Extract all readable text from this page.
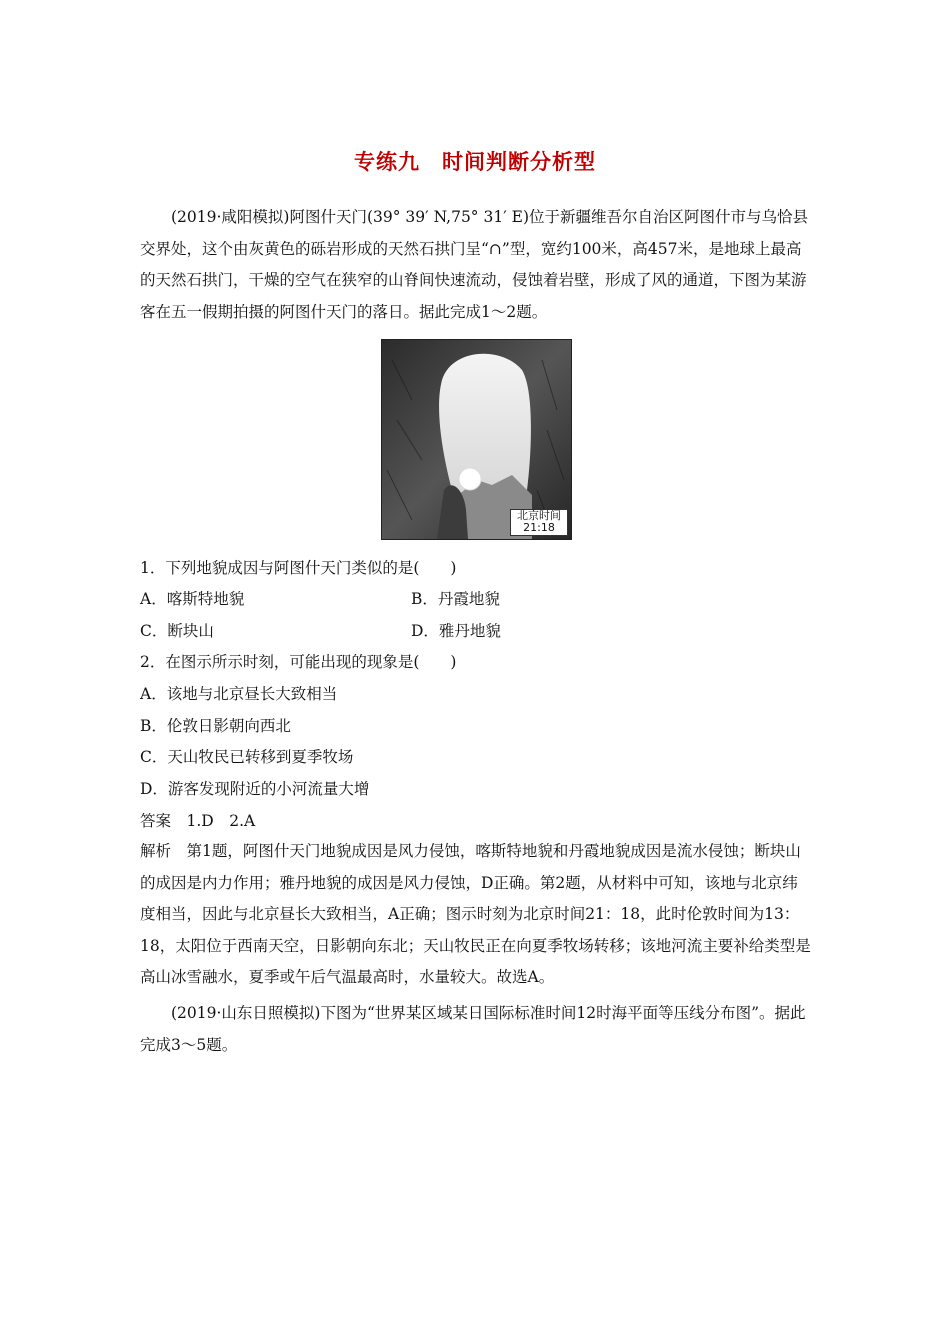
专练九　时间判断分析型
(2019·咸阳模拟)阿图什天门(39° 39′ N,75° 31′ E)位于新疆维吾尔自治区阿图什市与乌恰县交界处，这个由灰黄色的砾岩形成的天然石拱门呈“∩”型，宽约100米，高457米，是地球上最高的天然石拱门，干燥的空气在狭窄的山脊间快速流动，侵蚀着岩壁，形成了风的通道，下图为某游客在五一假期拍摄的阿图什天门的落日。据此完成1～2题。
北京时间
21:18
1．下列地貌成因与阿图什天门类似的是(　　)
A．喀斯特地貌	B．丹霞地貌
C．断块山	D．雅丹地貌
2．在图示所示时刻，可能出现的现象是(　　)
A．该地与北京昼长大致相当
B．伦敦日影朝向西北
C．天山牧民已转移到夏季牧场
D．游客发现附近的小河流量大增
答案　1.D　2.A
解析　第1题，阿图什天门地貌成因是风力侵蚀，喀斯特地貌和丹霞地貌成因是流水侵蚀；断块山的成因是内力作用；雅丹地貌的成因是风力侵蚀，D正确。第2题，从材料中可知，该地与北京纬度相当，因此与北京昼长大致相当，A正确；图示时刻为北京时间21：18，此时伦敦时间为13：18，太阳位于西南天空，日影朝向东北；天山牧民正在向夏季牧场转移；该地河流主要补给类型是高山冰雪融水，夏季或午后气温最高时，水量较大。故选A。
(2019·山东日照模拟)下图为“世界某区域某日国际标准时间12时海平面等压线分布图”。据此完成3～5题。
